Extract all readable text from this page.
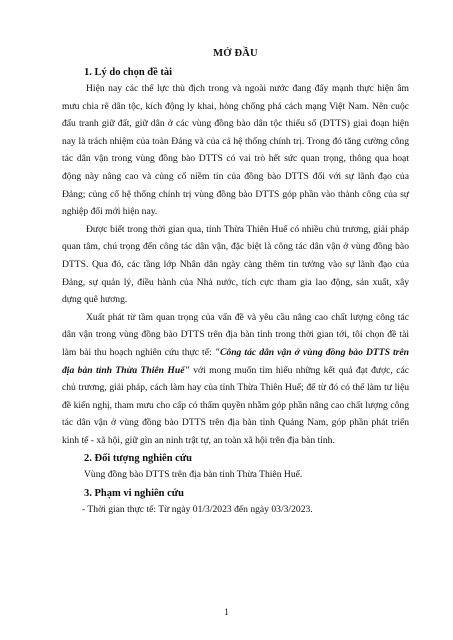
MỞ ĐẦU
1. Lý do chọn đề tài

Hiện nay các thế lực thù địch trong và ngoài nước đang đẩy mạnh thực hiện âm mưu chia rẽ dân tộc, kích động ly khai, hòng chống phá cách mạng Việt Nam. Nên cuộc đấu tranh giữ đất, giữ dân ở các vùng đồng bào dân tộc thiểu số (DTTS) giai đoạn hiện nay là trách nhiệm của toàn Đảng và của cả hệ thống chính trị. Trong đó tăng cường công tác dân vận trong vùng đồng bào DTTS có vai trò hết sức quan trọng, thông qua hoạt động này nâng cao và củng cố niềm tin của đồng bào DTTS đối với sự lãnh đạo của Đảng; củng cố hệ thống chính trị vùng đồng bào DTTS góp phần vào thành công của sự nghiệp đổi mới hiện nay.

Được biết trong thời gian qua, tỉnh Thừa Thiên Huế có nhiều chủ trương, giải pháp quan tâm, chú trọng đến công tác dân vận, đặc biệt là công tác dân vận ở vùng đồng bào DTTS. Qua đó, các tầng lớp Nhân dân ngày càng thêm tin tưởng vào sự lãnh đạo của Đảng, sự quản lý, điều hành của Nhà nước, tích cực tham gia lao động, sản xuất, xây dựng quê hương.

Xuất phát từ tầm quan trọng của vấn đề và yêu cầu nâng cao chất lượng công tác dân vận trong vùng đồng bào DTTS trên địa bàn tỉnh trong thời gian tới, tôi chọn đề tài làm bài thu hoạch nghiên cứu thực tế: "Công tác dân vận ở vùng đồng bào DTTS trên địa bàn tỉnh Thừa Thiên Huế" với mong muốn tìm hiểu những kết quả đạt được, các chủ trương, giải pháp, cách làm hay của tỉnh Thừa Thiên Huế; để từ đó có thể làm tư liệu đề kiến nghị, tham mưu cho cấp có thẩm quyền nhằm góp phần nâng cao chất lượng công tác dân vận ở vùng đồng bào DTTS trên địa bàn tỉnh Quảng Nam, góp phần phát triển kinh tế - xã hội, giữ gìn an ninh trật tự, an toàn xã hội trên địa bàn tỉnh.

2. Đối tượng nghiên cứu

Vùng đồng bào DTTS trên địa bàn tỉnh Thừa Thiên Huế.

3. Phạm vi nghiên cứu

- Thời gian thực tế: Từ ngày 01/3/2023 đến ngày 03/3/2023.

1
